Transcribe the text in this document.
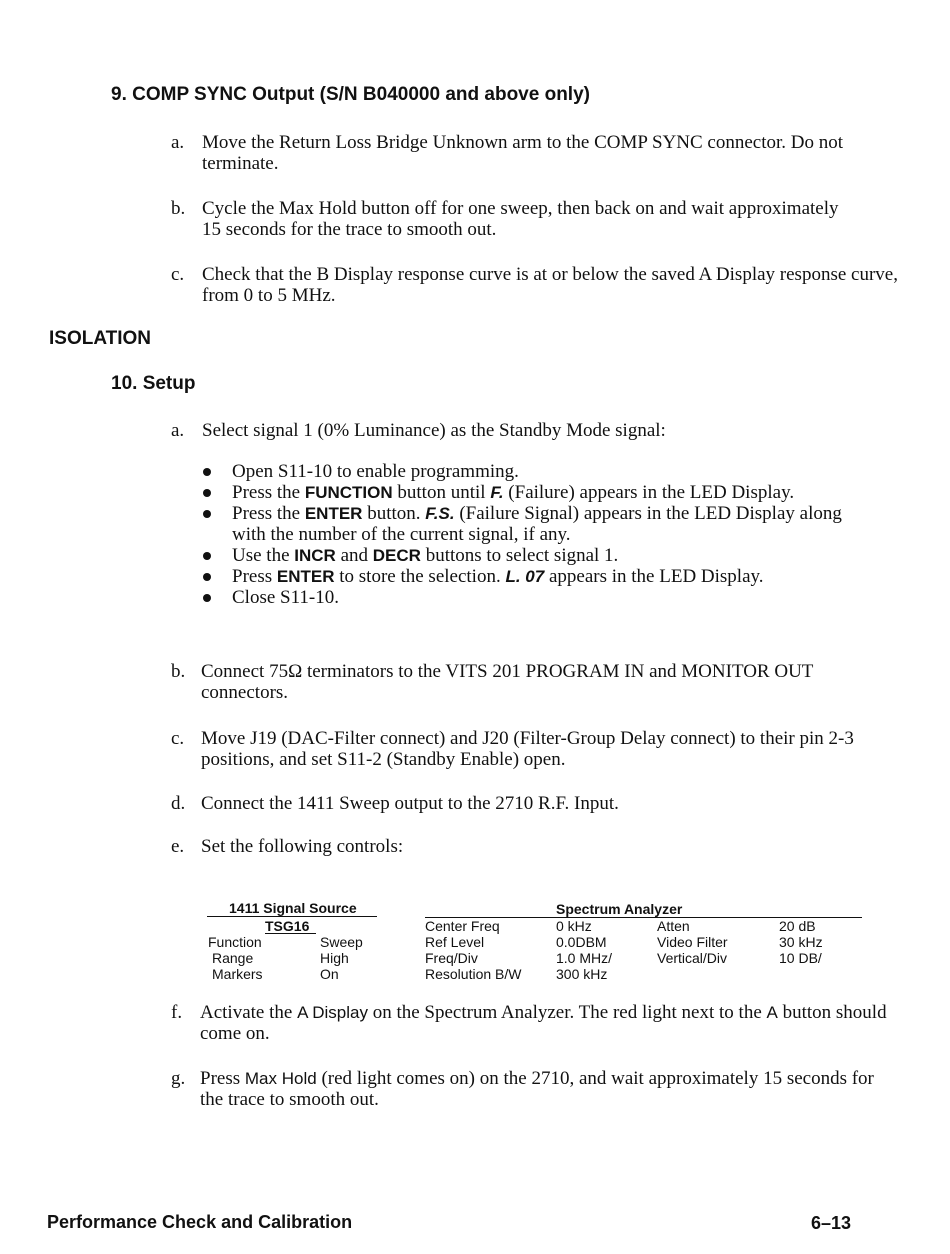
9. COMP SYNC Output (S/N B040000 and above only)
a. Move the Return Loss Bridge Unknown arm to the COMP SYNC connector. Do not terminate.
b. Cycle the Max Hold button off for one sweep, then back on and wait approximately 15 seconds for the trace to smooth out.
c. Check that the B Display response curve is at or below the saved A Display response curve, from 0 to 5 MHz.
ISOLATION
10. Setup
a. Select signal 1 (0% Luminance) as the Standby Mode signal:
Open S11-10 to enable programming.
Press the FUNCTION button until F. (Failure) appears in the LED Display.
Press the ENTER button. F.S. (Failure Signal) appears in the LED Display along with the number of the current signal, if any.
Use the INCR and DECR buttons to select signal 1.
Press ENTER to store the selection. L. 07 appears in the LED Display.
Close S11-10.
b. Connect 75Ω terminators to the VITS 201 PROGRAM IN and MONITOR OUT connectors.
c. Move J19 (DAC-Filter connect) and J20 (Filter-Group Delay connect) to their pin 2-3 positions, and set S11-2 (Standby Enable) open.
d. Connect the 1411 Sweep output to the 2710 R.F. Input.
e. Set the following controls:
1411 Signal Source
TSG16
Function	Sweep
Range	High
Markers	On
Spectrum Analyzer
Center Freq	0 kHz	Atten	20 dB
Ref Level	0.0DBM	Video Filter	30 kHz
Freq/Div	1.0 MHz/	Vertical/Div	10 DB/
Resolution B/W 300 kHz
f. Activate the A Display on the Spectrum Analyzer. The red light next to the A button should come on.
g. Press Max Hold (red light comes on) on the 2710, and wait approximately 15 seconds for the trace to smooth out.
Performance Check and Calibration	6–13
